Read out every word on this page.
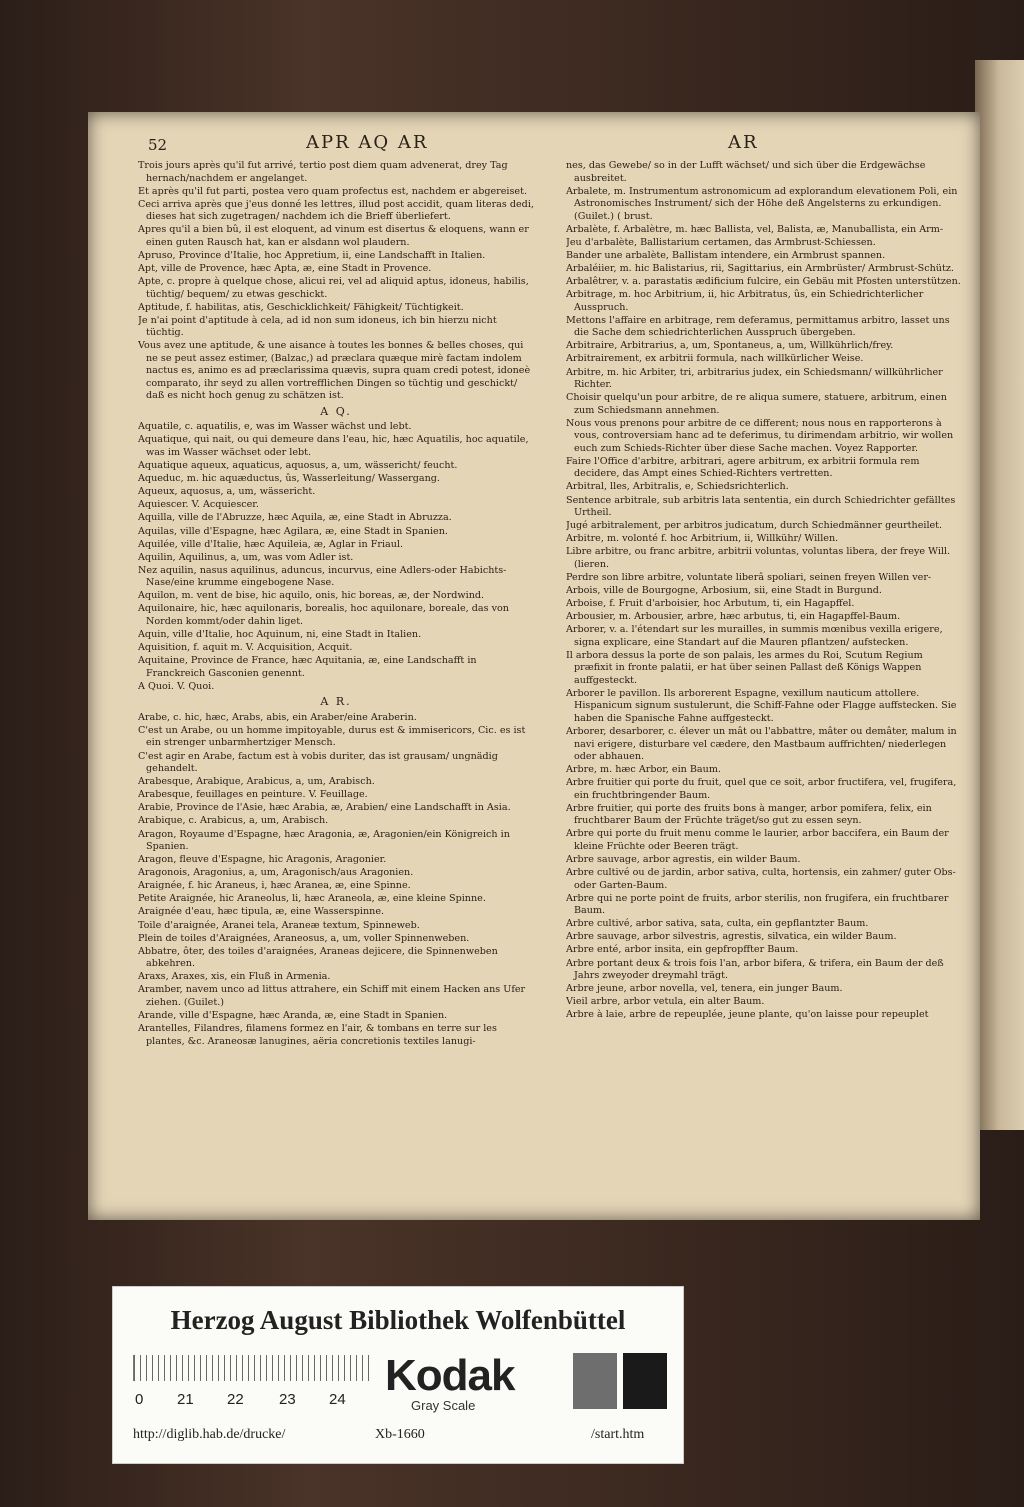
52	APR AQ AR	AR
Trois jours après qu'il fut arrivé, tertio post diem quam advenerat, drey Tag hernach/nachdem er angelanget.
Et après qu'il fut parti, postea vero quam profectus est, nachdem er abgereiset.
Ceci arriva après que j'eus donné les lettres, illud post accidit, quam literas dedi, dieses hat sich zugetragen/ nachdem ich die Brieff überliefert.
Apres qu'il a bien bû, il est eloquent, ad vinum est disertus & eloquens, wann er einen guten Rausch hat, kan er alsdann wol plaudern.
Apruso, Province d'Italie, hoc Appretium, ii, eine Landschafft in Italien.
Apt, ville de Provence, hæc Apta, æ, eine Stadt in Provence.
Apte, c. propre à quelque chose, alicui rei, vel ad aliquid aptus, idoneus, habilis, tüchtig/ bequem/ zu etwas geschickt.
Aptitude, f. habilitas, atis, Geschicklichkeit/ Fähigkeit/ Tüchtigkeit.
Je n'ai point d'aptitude à cela, ad id non sum idoneus, ich bin hierzu nicht tüchtig.
Vous avez une aptitude, & une aisance à toutes les bonnes & belles choses, qui ne se peut assez estimer, (Balzac,) ad præclara quæque mirè factam indolem nactus es, animo es ad præclarissima quævis, supra quam credi potest, idoneè comparato, ihr seyd zu allen vortrefflichen Dingen so tüchtig und geschickt/ daß es nicht hoch genug zu schätzen ist.
A Q.
Aquatile, c. aquatilis, e, was im Wasser wächst und lebt.
Aquatique, qui nait, ou qui demeure dans l'eau, hic, hæc Aquatilis, hoc aquatile, was im Wasser wächset oder lebt.
Aquatique aqueux, aquaticus, aquosus, a, um, wässericht/ feucht.
Aqueduc, m. hic aquæductus, ûs, Wasserleitung/ Wassergang.
Aqueux, aquosus, a, um, wässericht.
Aquiescer. V. Acquiescer.
Aquilla, ville de l'Abruzze, hæc Aquila, æ, eine Stadt in Abruzza.
Aquilas, ville d'Espagne, hæc Agilara, æ, eine Stadt in Spanien.
Aquilée, ville d'Italie, hæc Aquileia, æ, Aglar in Friaul.
Aquilin, Aquilinus, a, um, was vom Adler ist.
Nez aquilin, nasus aquilinus, aduncus, incurvus, eine Adlers-oder Habichts-Nase/eine krumme eingebogene Nase.
Aquilon, m. vent de bise, hic aquilo, onis, hic boreas, æ, der Nordwind.
Aquilonaire, hic, hæc aquilonaris, borealis, hoc aquilonare, boreale, das von Norden kommt/oder dahin liget.
Aquin, ville d'Italie, hoc Aquinum, ni, eine Stadt in Italien.
Aquisition, f. aquit m. V. Acquisition, Acquit.
Aquitaine, Province de France, hæc Aquitania, æ, eine Landschafft in Franckreich Gasconien genennt.
A Quoi. V. Quoi.
A R.
Arabe, c. hic, hæc, Arabs, abis, ein Araber/eine Araberin.
C'est un Arabe, ou un homme impitoyable, durus est & immisericors, Cic. es ist ein strenger unbarmhertziger Mensch.
C'est agir en Arabe, factum est à vobis duriter, das ist grausam/ ungnädig gehandelt.
Arabesque, Arabique, Arabicus, a, um, Arabisch.
Arabesque, feuillages en peinture. V. Feuillage.
Arabie, Province de l'Asie, hæc Arabia, æ, Arabien/ eine Landschafft in Asia.
Arabique, c. Arabicus, a, um, Arabisch.
Aragon, Royaume d'Espagne, hæc Aragonia, æ, Aragonien/ein Königreich in Spanien.
Aragon, fleuve d'Espagne, hic Aragonis, Aragonier.
Aragonois, Aragonius, a, um, Aragonisch/aus Aragonien.
Araignée, f. hic Araneus, i, hæc Aranea, æ, eine Spinne.
Petite Araignée, hic Araneolus, li, hæc Araneola, æ, eine kleine Spinne.
Araignée d'eau, hæc tipula, æ, eine Wasserspinne.
Toile d'araignée, Aranei tela, Araneæ textum, Spinneweb.
Plein de toiles d'Araignées, Araneosus, a, um, voller Spinnenweben.
Abbatre, ôter, des toiles d'araignées, Araneas dejicere, die Spinnenweben abkehren.
Araxs, Araxes, xis, ein Fluß in Armenia.
Aramber, navem unco ad littus attrahere, ein Schiff mit einem Hacken ans Ufer ziehen. (Guilet.)
Arande, ville d'Espagne, hæc Aranda, æ, eine Stadt in Spanien.
Arantelles, Filandres, filamens formez en l'air, & tombans en terre sur les plantes, &c. Araneosæ lanugines, aëria concretionis textiles lanugi-
nes, das Gewebe/ so in der Lufft wächset/ und sich über die Erdgewächse ausbreitet.
Arbalete, m. Instrumentum astronomicum ad explorandum elevationem Poli, ein Astronomisches Instrument/ sich der Höhe deß Angelsterns zu erkundigen. (Guilet.) ( brust.
Arbalète, f. Arbalètre, m. hæc Ballista, vel, Balista, æ, Manuballista, ein Arm-
Jeu d'arbalète, Ballistarium certamen, das Armbrust-Schiessen.
Bander une arbalète, Ballistam intendere, ein Armbrust spannen.
Arbaléiier, m. hic Balistarius, rii, Sagittarius, ein Armbrüster/ Armbrust-Schütz.
Arbalêtrer, v. a. parastatis ædificium fulcire, ein Gebäu mit Pfosten unterstützen.
Arbitrage, m. hoc Arbitrium, ii, hic Arbitratus, ûs, ein Schiedrichterlicher Ausspruch.
Mettons l'affaire en arbitrage, rem deferamus, permittamus arbitro, lasset uns die Sache dem schiedrichterlichen Ausspruch übergeben.
Arbitraire, Arbitrarius, a, um, Spontaneus, a, um, Willkührlich/frey.
Arbitrairement, ex arbitrii formula, nach willkürlicher Weise.
Arbitre, m. hic Arbiter, tri, arbitrarius judex, ein Schiedsmann/ willkührlicher Richter.
Choisir quelqu'un pour arbitre, de re aliqua sumere, statuere, arbitrum, einen zum Schiedsmann annehmen.
Nous vous prenons pour arbitre de ce different; nous nous en rapporterons à vous, controversiam hanc ad te deferimus, tu dirimendam arbitrio, wir wollen euch zum Schieds-Richter über diese Sache machen. Voyez Rapporter.
Faire l'Office d'arbitre, arbitrari, agere arbitrum, ex arbitrii formula rem decidere, das Ampt eines Schied-Richters vertretten.
Arbitral, lles, Arbitralis, e, Schiedsrichterlich.
Sentence arbitrale, sub arbitris lata sententia, ein durch Schiedrichter gefälltes Urtheil.
Jugé arbitralement, per arbitros judicatum, durch Schiedmänner geurtheilet.
Arbitre, m. volonté f. hoc Arbitrium, ii, Willkühr/ Willen.
Libre arbitre, ou franc arbitre, arbitrii voluntas, voluntas libera, der freye Will. (lieren.
Perdre son libre arbitre, voluntate liberâ spoliari, seinen freyen Willen ver-
Arbois, ville de Bourgogne, Arbosium, sii, eine Stadt in Burgund.
Arboise, f. Fruit d'arboisier, hoc Arbutum, ti, ein Hagapffel.
Arbousier, m. Arbousier, arbre, hæc arbutus, ti, ein Hagapffel-Baum.
Arborer, v. a. l'étendart sur les murailles, in summis mœnibus vexilla erigere, signa explicare, eine Standart auf die Mauren pflantzen/ aufstecken.
Il arbora dessus la porte de son palais, les armes du Roi, Scutum Regium præfixit in fronte palatii, er hat über seinen Pallast deß Königs Wappen auffgesteckt.
Arborer le pavillon. Ils arborerent Espagne, vexillum nauticum attollere. Hispanicum signum sustulerunt, die Schiff-Fahne oder Flagge auffstecken. Sie haben die Spanische Fahne auffgesteckt.
Arborer, desarborer, c. élever un mât ou l'abbattre, mâter ou demâter, malum in navi erigere, disturbare vel cædere, den Mastbaum auffrichten/ niederlegen oder abhauen.
Arbre, m. hæc Arbor, ein Baum.
Arbre fruitier qui porte du fruit, quel que ce soit, arbor fructifera, vel, frugifera, ein fruchtbringender Baum.
Arbre fruitier, qui porte des fruits bons à manger, arbor pomifera, felix, ein fruchtbarer Baum der Früchte träget/so gut zu essen seyn.
Arbre qui porte du fruit menu comme le laurier, arbor baccifera, ein Baum der kleine Früchte oder Beeren trägt.
Arbre sauvage, arbor agrestis, ein wilder Baum.
Arbre cultivé ou de jardin, arbor sativa, culta, hortensis, ein zahmer/ guter Obs-oder Garten-Baum.
Arbre qui ne porte point de fruits, arbor sterilis, non frugifera, ein fruchtbarer Baum.
Arbre cultivé, arbor sativa, sata, culta, ein gepflantzter Baum.
Arbre sauvage, arbor silvestris, agrestis, silvatica, ein wilder Baum.
Arbre enté, arbor insita, ein gepfropffter Baum.
Arbre portant deux & trois fois l'an, arbor bifera, & trifera, ein Baum der deß Jahrs zweyoder dreymahl trägt.
Arbre jeune, arbor novella, vel, tenera, ein junger Baum.
Vieil arbre, arbor vetula, ein alter Baum.
Arbre à laie, arbre de repeuplée, jeune plante, qu'on laisse pour repeuplet
Herzog August Bibliothek Wolfenbüttel
0 21 22 23 24 Kodak
Gray Scale
http://diglib.hab.de/drucke/	Xb-1660	/start.htm
